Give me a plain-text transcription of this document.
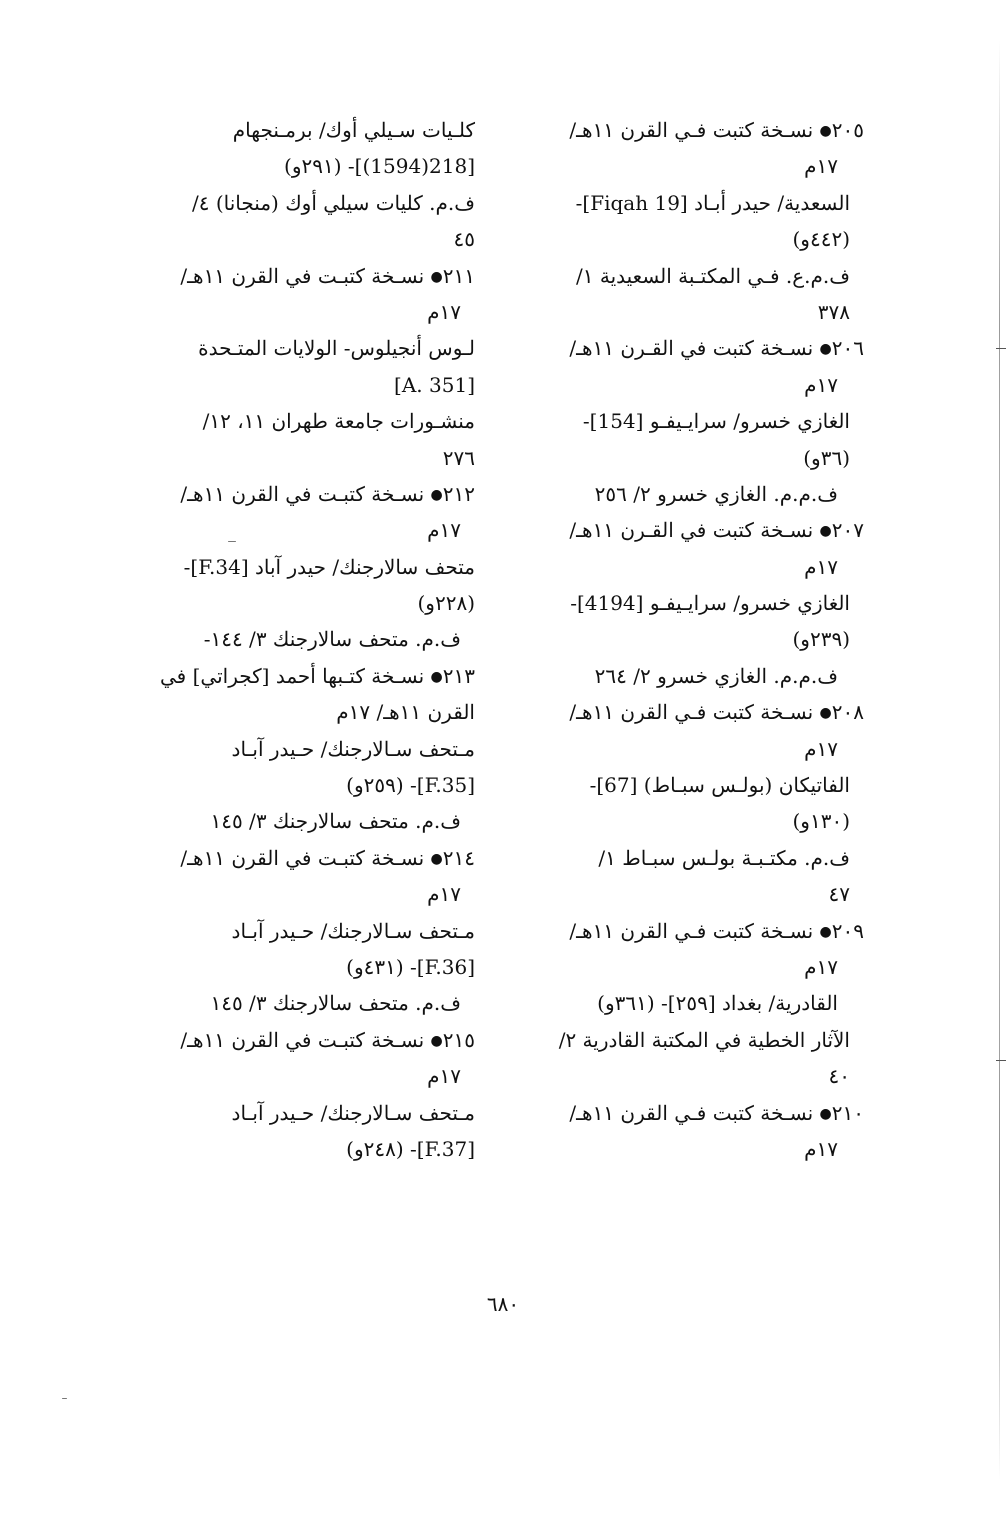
٢٠٥● نسـخة كتبت فـي القرن ١١هـ/
١٧م
السعدية/ حيدر أبـاد [Fiqah 19]-
(٤٤٢و)
ف.م.ع. فـي المكتـبة السعيدية ١/
٣٧٨
٢٠٦● نسـخة كتبت في القـرن ١١هـ/
١٧م
الغازي خسرو/ سرايـيفـو [154]-
(٣٦و)
ف.م.م. الغازي خسرو ٢/ ٢٥٦
٢٠٧● نسـخة كتبت في القـرن ١١هـ/
١٧م
الغازي خسرو/ سرايـيفـو [4194]-
(٢٣٩و)
ف.م.م. الغازي خسرو ٢/ ٢٦٤
٢٠٨● نسـخة كتبت فـي القرن ١١هـ/
١٧م
الفاتيكان (بولـس سبـاط) [67]-
(١٣٠و)
ف.م. مكتـبـة بولـس سبـاط ١/
٤٧
٢٠٩● نسـخة كتبت فـي القرن ١١هـ/
١٧م
القادرية/ بغداد [٢٥٩]- (٣٦١و)
الآثار الخطية في المكتبة القادرية ٢/
٤٠
٢١٠● نسـخة كتبت فـي القرن ١١هـ/
١٧م
كلـيات سـيلي أوك/ برمـنجهام
[218(1594)]- (٢٩١و)
ف.م. كليات سيلي أوك (منجانا) ٤/
٤٥
٢١١● نسـخة كتبـت في القرن ١١هـ/
١٧م
لـوس أنجيلوس- الولايات المتـحدة
[A. 351]
منشـورات جامعة طهران ١١، ١٢/
٢٧٦
٢١٢● نسـخة كتبـت في القرن ١١هـ/
١٧م
متحف سالارجنك/ حيدر آباد [F.34]-
(٢٢٨و)
ف.م. متحف سالارجنك ٣/ ١٤٤-
٢١٣● نسـخة كتـبها أحمد [كجراتي] في
القرن ١١هـ/ ١٧م
مـتحف سـالارجنك/ حـيدر آبـاد
[F.35]- (٢٥٩و)
ف.م. متحف سالارجنك ٣/ ١٤٥
٢١٤● نسـخة كتبـت في القرن ١١هـ/
١٧م
مـتحف سـالارجنك/ حـيدر آبـاد
[F.36]- (٤٣١و)
ف.م. متحف سالارجنك ٣/ ١٤٥
٢١٥● نسـخة كتبـت في القرن ١١هـ/
١٧م
مـتحف سـالارجنك/ حـيدر آبـاد
[F.37]- (٢٤٨و)
٦٨٠
